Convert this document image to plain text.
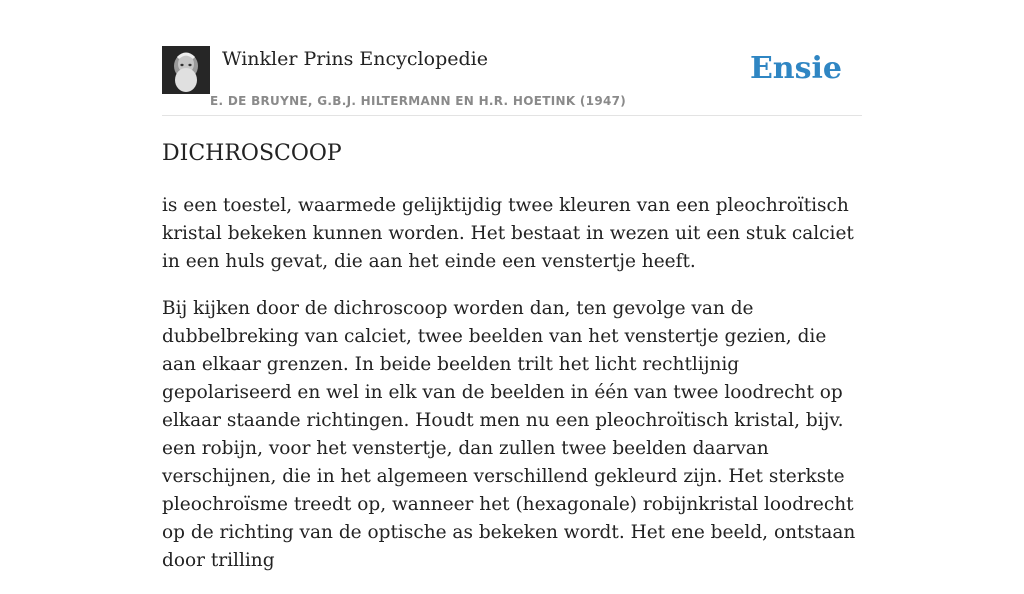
Winkler Prins Encyclopedie
E. DE BRUYNE, G.B.J. HILTERMANN EN H.R. HOETINK (1947)
Ensie
DICHROSCOOP

is een toestel, waarmede gelijktijdig twee kleuren van een pleochroïtisch kristal bekeken kunnen worden. Het bestaat in wezen uit een stuk calciet in een huls gevat, die aan het einde een venstertje heeft.

Bij kijken door de dichroscoop worden dan, ten gevolge van de dubbelbreking van calciet, twee beelden van het venstertje gezien, die aan elkaar grenzen. In beide beelden trilt het licht rechtlijnig gepolariseerd en wel in elk van de beelden in één van twee loodrecht op elkaar staande richtingen. Houdt men nu een pleochroïtisch kristal, bijv. een robijn, voor het venstertje, dan zullen twee beelden daarvan verschijnen, die in het algemeen verschillend gekleurd zijn. Het sterkste pleochroïsme treedt op, wanneer het (hexagonale) robijnkristal loodrecht op de richting van de optische as bekeken wordt. Het ene beeld, ontstaan door trilling
